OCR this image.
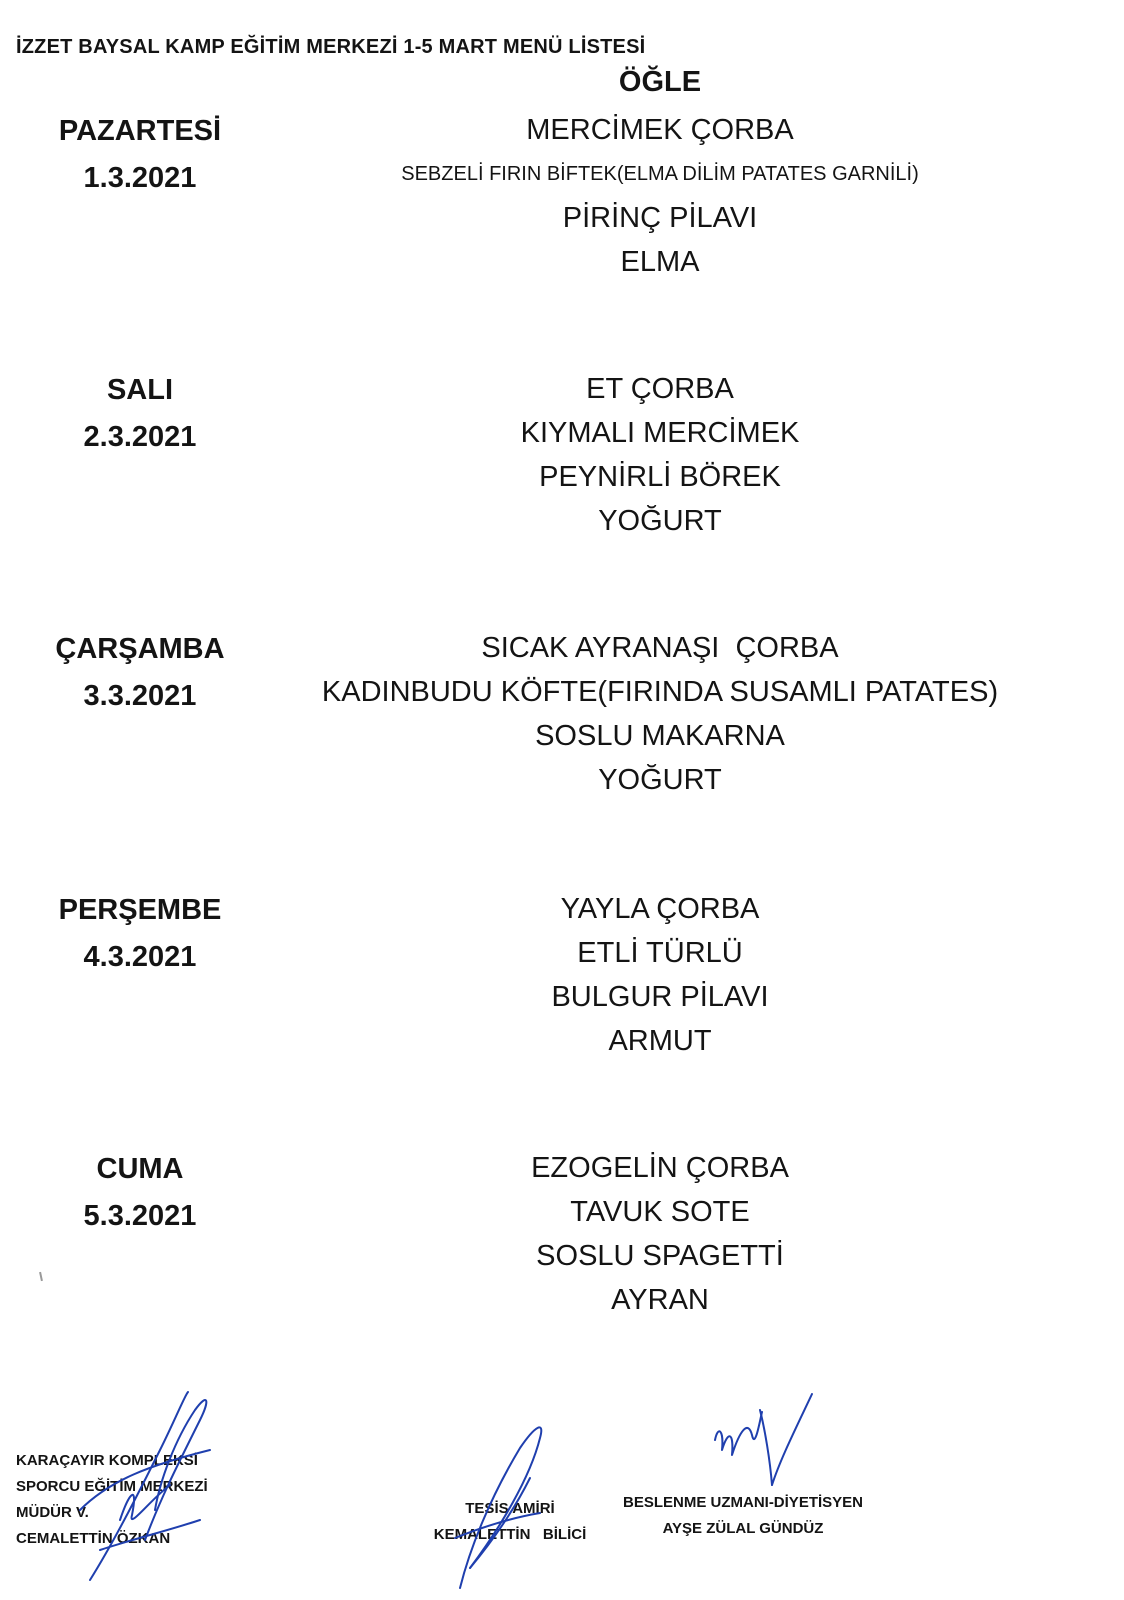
İZZET BAYSAL KAMP EĞİTİM MERKEZİ 1-5 MART MENÜ LİSTESİ
ÖĞLE
PAZARTESİ
1.3.2021
MERCİMEK ÇORBA
SEBZELİ FIRIN BİFTEK(ELMA DİLİM PATATES GARNİLİ)
PİRİNÇ PİLAVI
ELMA
SALI
2.3.2021
ET ÇORBA
KIYMALI MERCİMEK
PEYNİRLİ BÖREK
YOĞURT
ÇARŞAMBA
3.3.2021
SICAK AYRANAŞI  ÇORBA
KADINBUDU KÖFTE(FIRINDA SUSAMLI PATATES)
SOSLU MAKARNA
YOĞURT
PERŞEMBE
4.3.2021
YAYLA ÇORBA
ETLİ TÜRLÜ
BULGUR PİLAVI
ARMUT
CUMA
5.3.2021
EZOGELİN ÇORBA
TAVUK SOTE
SOSLU SPAGETTİ
AYRAN
KARAÇAYIR KOMPLEKSİ
SPORCU EĞİTİM MERKEZİ
MÜDÜR V.
CEMALETTİN ÖZKAN
TESİS AMİRİ
KEMALETTİN   BİLİCİ
BESLENME UZMANI-DİYETİSYEN
AYŞE ZÜLAL GÜNDÜZ
